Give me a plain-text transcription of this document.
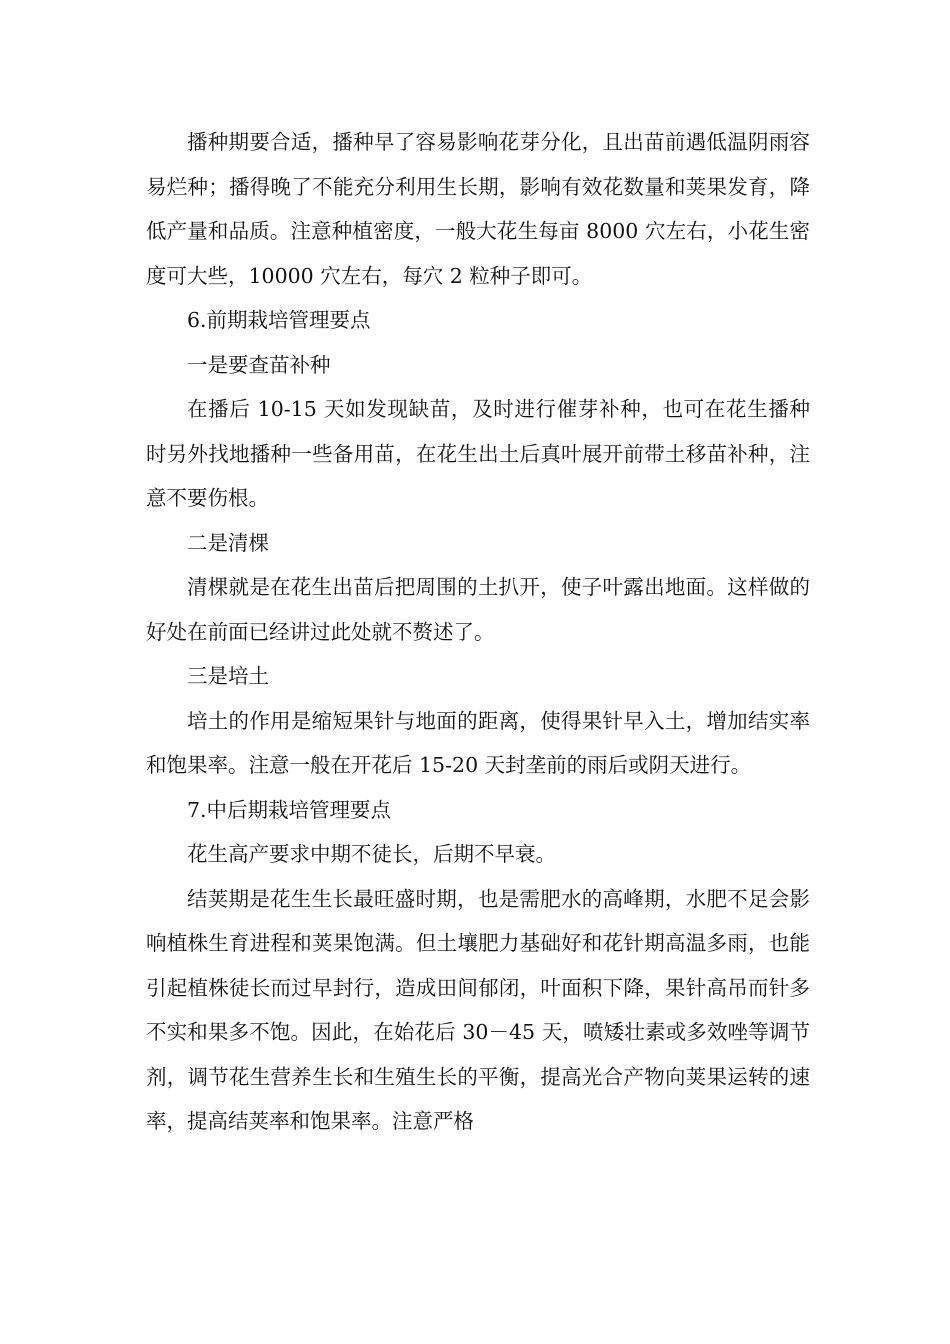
播种期要合适，播种早了容易影响花芽分化，且出苗前遇低温阴雨容易烂种；播得晚了不能充分利用生长期，影响有效花数量和荚果发育，降低产量和品质。注意种植密度，一般大花生每亩 8000 穴左右，小花生密度可大些，10000 穴左右，每穴 2 粒种子即可。

6.前期栽培管理要点

一是要查苗补种

在播后 10-15 天如发现缺苗，及时进行催芽补种，也可在花生播种时另外找地播种一些备用苗，在花生出土后真叶展开前带土移苗补种，注意不要伤根。

二是清棵

清棵就是在花生出苗后把周围的土扒开，使子叶露出地面。这样做的好处在前面已经讲过此处就不赘述了。

三是培土

培土的作用是缩短果针与地面的距离，使得果针早入土，增加结实率和饱果率。注意一般在开花后 15-20 天封垄前的雨后或阴天进行。

7.中后期栽培管理要点

花生高产要求中期不徒长，后期不早衰。

结荚期是花生生长最旺盛时期，也是需肥水的高峰期，水肥不足会影响植株生育进程和荚果饱满。但土壤肥力基础好和花针期高温多雨，也能引起植株徒长而过早封行，造成田间郁闭，叶面积下降，果针高吊而针多不实和果多不饱。因此，在始花后 30－45 天，喷矮壮素或多效唑等调节剂，调节花生营养生长和生殖生长的平衡，提高光合产物向荚果运转的速率，提高结荚率和饱果率。注意严格
